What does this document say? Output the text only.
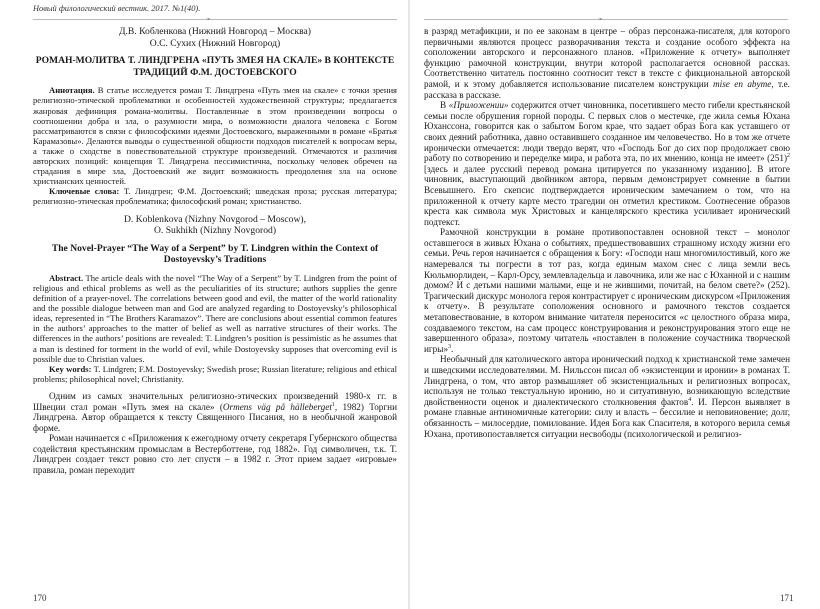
Новый филологический вестник. 2017. №1(40).
❧
Д.В. Кобленкова (Нижний Новгород – Москва)
О.С. Сухих (Нижний Новгород)
РОМАН-МОЛИТВА Т. ЛИНДГРЕНА «ПУТЬ ЗМЕЯ НА СКАЛЕ» В КОНТЕКСТЕ ТРАДИЦИЙ Ф.М. ДОСТОЕВСКОГО

Аннотация. В статье исследуется роман Т. Линдгрена «Путь змея на скале» с точки зрения религиозно-этической проблематики и особенностей художественной структуры; предлагается жанровая дефиниция романа-молитвы. Поставленные в этом произведении вопросы о соотношении добра и зла, о разумности мира, о возможности диалога человека с Богом рассматриваются в связи с философскими идеями Достоевского, выраженными в романе «Братья Карамазовы». Делаются выводы о существенной общности подходов писателей к вопросам веры, а также о сходстве в повествовательной структуре произведений. Отмечаются и различия авторских позиций: концепция Т. Линдгрена пессимистична, поскольку человек обречен на страдания в мире зла, Достоевский же видит возможность преодоления зла на основе христианских ценностей.

Ключевые слова: Т. Линдгрен; Ф.М. Достоевский; шведская проза; русская литература; религиозно-этическая проблематика; философский роман; христианство.

D. Koblenkova (Nizhny Novgorod – Moscow),
O. Sukhikh (Nizhny Novgorod)
The Novel-Prayer “The Way of a Serpent” by T. Lindgren within the Context of Dostoyevsky’s Traditions

Abstract. The article deals with the novel “The Way of a Serpent” by T. Lindgren from the point of religious and ethical problems as well as the peculiarities of its structure; authors supplies the genre definition of a prayer-novel. The correlations between good and evil, the matter of the world rationality and the possible dialogue between man and God are analyzed regarding to Dostoyevsky’s philosophical ideas, represented in “The Brothers Karamazov”. There are conclusions about essential common features in the authors’ approaches to the matter of belief as well as narrative structures of their works. The differences in the authors’ positions are revealed: T. Lindgren’s position is pessimistic as he assumes that a man is destined for torment in the world of evil, while Dostoyevsky supposes that overcoming evil is possible due to Christian values.

Key words: T. Lindgren; F.M. Dostoyevsky; Swedish prose; Russian literature; religious and ethical problems; philosophical novel; Christianity.

Одним из самых значительных религиозно-этических произведений 1980-х гг. в Швеции стал роман «Путь змея на скале» (Ormens väg på hälleberget$^1$, 1982) Торгни Линдгрена. Автор обращается к тексту Священного Писания, но в необычной жанровой форме.

Роман начинается с «Приложения к ежегодному отчету секретаря Губернского общества содействия крестьянским промыслам в Вестерботтене, год 1882». Год символичен, т.к. Т. Линдгрен создает текст ровно сто лет спустя – в 1982 г. Этот прием задает «игровые» правила, роман переходит

170
❧

в разряд метафикции, и по ее законам в центре – образ персонажа-писателя, для которого первичными являются процесс разворачивания текста и создание особого эффекта на соположении авторского и персонажного планов. «Приложение к отчету» выполняет функцию рамочной конструкции, внутри которой располагается основной рассказ. Соответственно читатель постоянно соотносит текст в тексте с фикциональной авторской рамой, и к этому добавляется использование писателем конструкции mise en abyme, т.е. рассказа в рассказе.

В «Приложении» содержится отчет чиновника, посетившего место гибели крестьянской семьи после обрушения горной породы. С первых слов о местечке, где жила семья Юхана Юханссона, говорится как о забытом Богом крае, что задает образ Бога как уставшего от своих деяний работника, давно оставившего созданное им человечество. Но в том же отчете иронически отмечается: люди твердо верят, что «Господь Бог до сих пор продолжает свою работу по сотворению и переделке мира, и работа эта, по их мнению, конца не имеет» $(251)^2$ [здесь и далее русский перевод романа цитируется по указанному изданию]. В итоге чиновник, выступающий двойником автора, первым демонстрирует сомнение в бытии Всевышнего. Его скепсис подтверждается ироническим замечанием о том, что на приложенной к отчету карте место трагедии он отметил крестиком. Соотнесение образов креста как символа мук Христовых и канцелярского крестика усиливает иронический подтекст.

Рамочной конструкции в романе противопоставлен основной текст – монолог оставшегося в живых Юхана о событиях, предшествовавших страшному исходу жизни его семьи. Речь героя начинается с обращения к Богу: «Господи наш многомилостивый, кого же намеревался ты погрести в тот раз, когда единым махом снес с лица земли весь Кюльмюрлиден, – Карл-Орсу, землевладельца и лавочника, или же нас с Юханной и с нашим домом? И с детьми нашими малыми, еще и не жившими, почитай, на белом свете?» (252). Трагический дискурс монолога героя контрастирует с ироническим дискурсом «Приложения к отчету». В результате соположения основного и рамочного текстов создается метаповествование, в котором внимание читателя переносится «с целостного образа мира, создаваемого текстом, на сам процесс конструирования и реконструирования этого еще не завершенного образа», поэтому читатель «поставлен в положение соучастника творческой игры»$^3$.

Необычный для католического автора иронический подход к христианской теме замечен и шведскими исследователями. М. Нильссон писал об «экзистенции и иронии» в романах Т. Линдгрена, о том, что автор размышляет об экзистенциальных и религиозных вопросах, используя не только текстуальную иронию, но и ситуативную, возникающую вследствие двойственности оценок и диалектического столкновения фактов$^4$. И. Персон выявляет в романе главные антиномичные категории: силу и власть – бессилие и неповиновение; долг, обязанность – милосердие, помилование. Идея Бога как Спасителя, в которого верила семья Юхана, противопоставляется ситуации несвободы (психологической и религиоз-

171
